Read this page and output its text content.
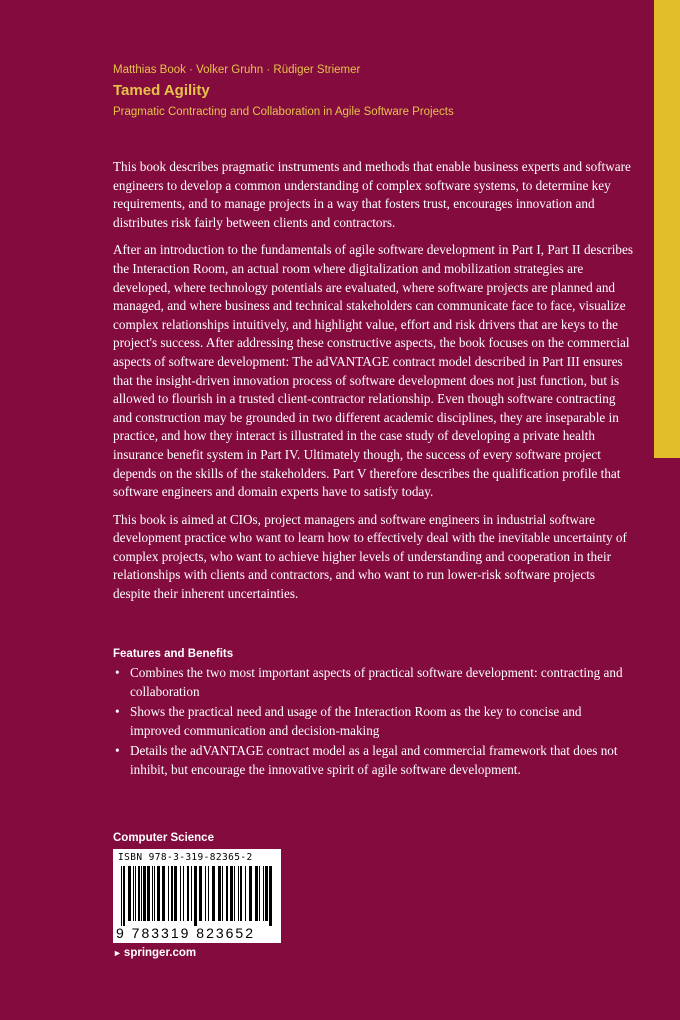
Matthias Book · Volker Gruhn · Rüdiger Striemer
Tamed Agility
Pragmatic Contracting and Collaboration in Agile Software Projects

This book describes pragmatic instruments and methods that enable business experts and software engineers to develop a common understanding of complex software systems, to determine key requirements, and to manage projects in a way that fosters trust, encourages innovation and distributes risk fairly between clients and contractors.

After an introduction to the fundamentals of agile software development in Part I, Part II describes the Interaction Room, an actual room where digitalization and mobilization strategies are developed, where technology potentials are evaluated, where software projects are planned and managed, and where business and technical stakeholders can communicate face to face, visualize complex relationships intuitively, and highlight value, effort and risk drivers that are keys to the project's success. After addressing these constructive aspects, the book focuses on the commercial aspects of software development: The adVANTAGE contract model described in Part III ensures that the insight-driven innovation process of software development does not just function, but is allowed to flourish in a trusted client-contractor relationship. Even though software contracting and construction may be grounded in two different academic disciplines, they are inseparable in practice, and how they interact is illustrated in the case study of developing a private health insurance benefit system in Part IV. Ultimately though, the success of every software project depends on the skills of the stakeholders. Part V therefore describes the qualification profile that software engineers and domain experts have to satisfy today.

This book is aimed at CIOs, project managers and software engineers in industrial software development practice who want to learn how to effectively deal with the inevitable uncertainty of complex projects, who want to achieve higher levels of understanding and cooperation in their relationships with clients and contractors, and who want to run lower-risk software projects despite their inherent uncertainties.

Features and Benefits
• Combines the two most important aspects of practical software development: contracting and collaboration
• Shows the practical need and usage of the Interaction Room as the key to concise and improved communication and decision-making
• Details the adVANTAGE contract model as a legal and commercial framework that does not inhibit, but encourage the innovative spirit of agile software development.
Computer Science
ISBN 978-3-319-82365-2
9 783319 823652
► springer.com
